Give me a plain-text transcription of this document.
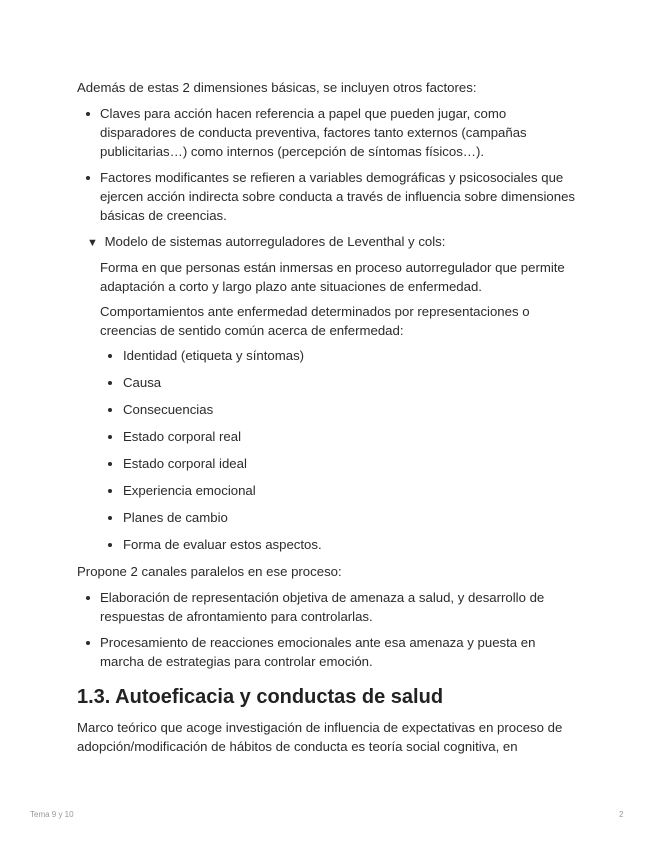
Además de estas 2 dimensiones básicas, se incluyen otros factores:

Claves para acción hacen referencia a papel que pueden jugar, como disparadores de conducta preventiva, factores tanto externos (campañas publicitarias…) como internos (percepción de síntomas físicos…).
Factores modificantes se refieren a variables demográficas y psicosociales que ejercen acción indirecta sobre conducta a través de influencia sobre dimensiones básicas de creencias.
▼ Modelo de sistemas autorreguladores de Leventhal y cols:

Forma en que personas están inmersas en proceso autorregulador que permite adaptación a corto y largo plazo ante situaciones de enfermedad.

Comportamientos ante enfermedad determinados por representaciones o creencias de sentido común acerca de enfermedad:

Identidad (etiqueta y síntomas)
Causa
Consecuencias
Estado corporal real
Estado corporal ideal
Experiencia emocional
Planes de cambio
Forma de evaluar estos aspectos.

Propone 2 canales paralelos en ese proceso:

Elaboración de representación objetiva de amenaza a salud, y desarrollo de respuestas de afrontamiento para controlarlas.
Procesamiento de reacciones emocionales ante esa amenaza y puesta en marcha de estrategias para controlar emoción.
1.3. Autoeficacia y conductas de salud

Marco teórico que acoge investigación de influencia de expectativas en proceso de adopción/modificación de hábitos de conducta es teoría social cognitiva, en

Tema 9 y 10	2
